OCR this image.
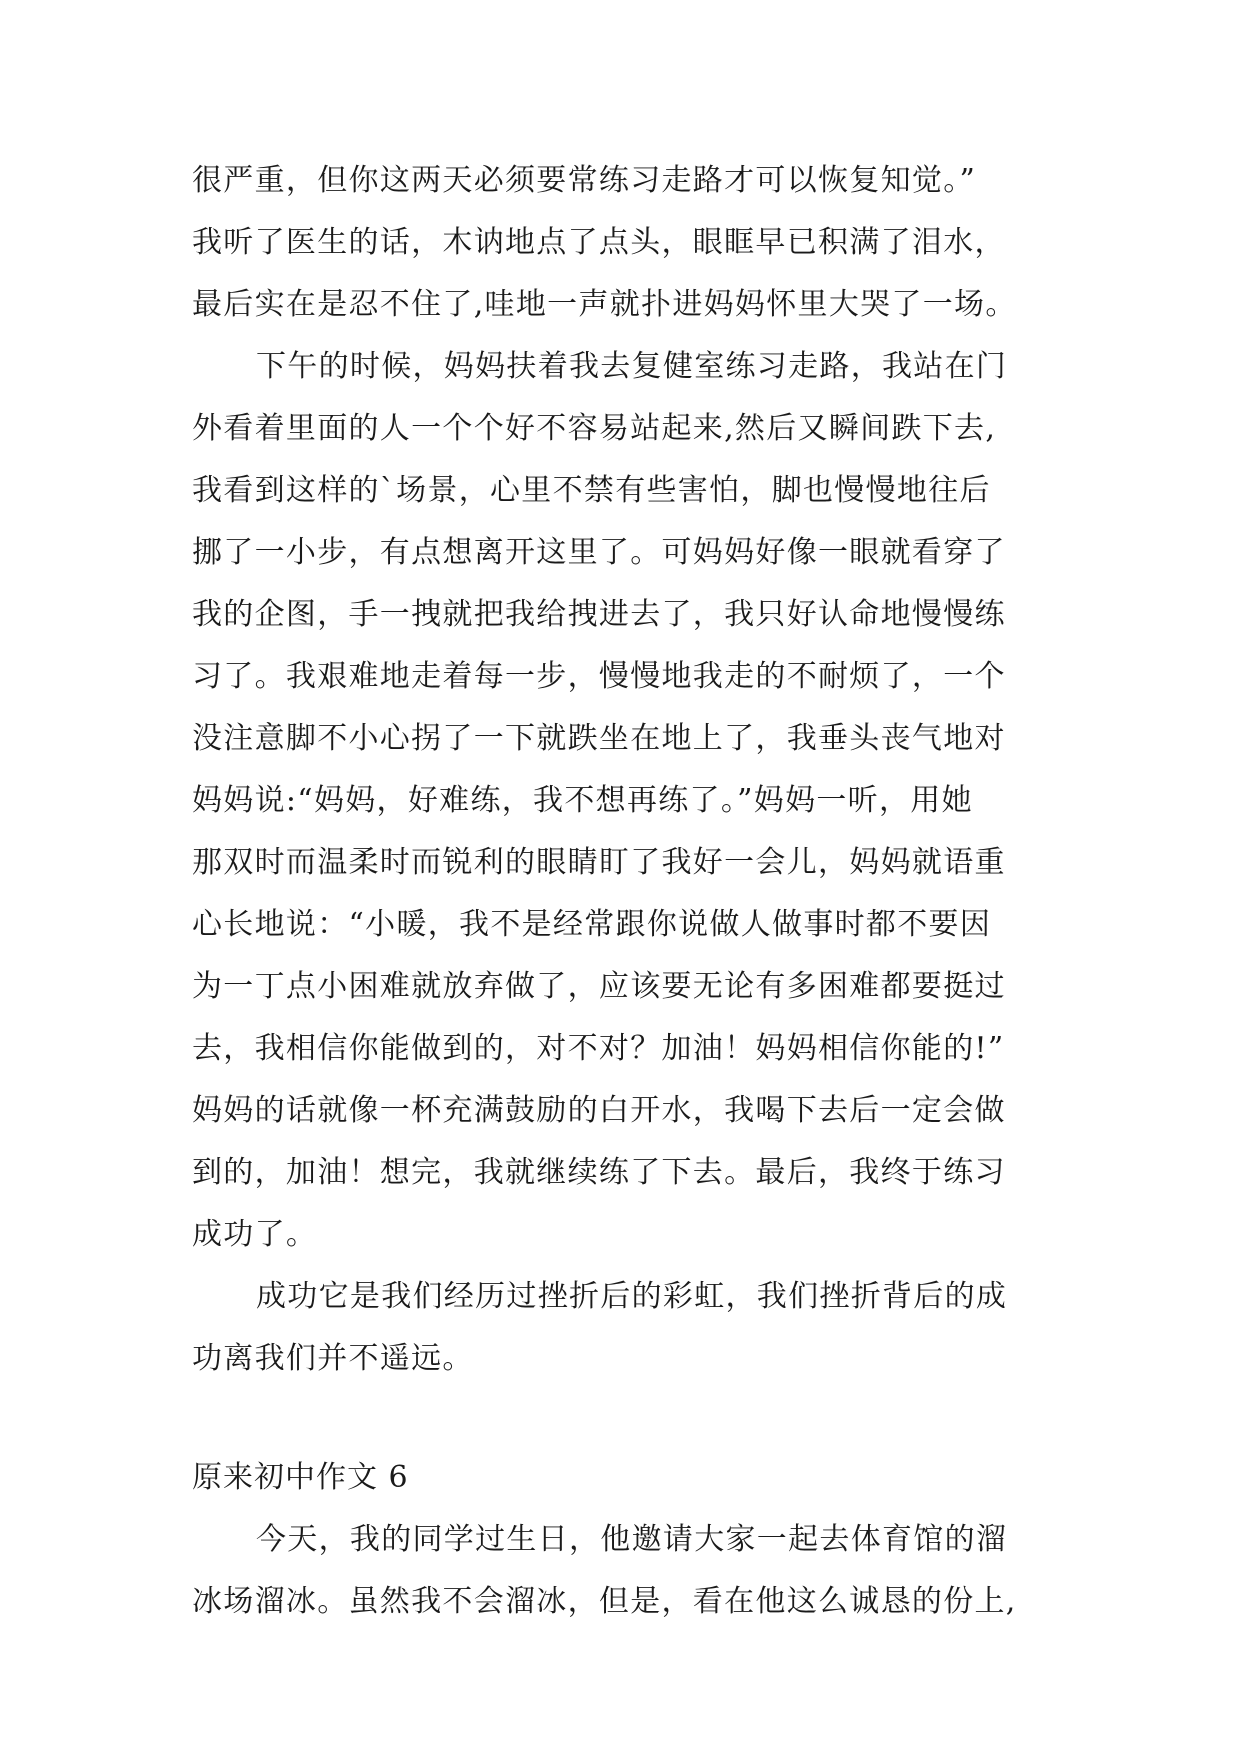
很严重，但你这两天必须要常练习走路才可以恢复知觉。”
我听了医生的话，木讷地点了点头，眼眶早已积满了泪水，
最后实在是忍不住了,哇地一声就扑进妈妈怀里大哭了一场。
下午的时候，妈妈扶着我去复健室练习走路，我站在门
外看着里面的人一个个好不容易站起来,然后又瞬间跌下去,
我看到这样的`场景，心里不禁有些害怕，脚也慢慢地往后
挪了一小步，有点想离开这里了。可妈妈好像一眼就看穿了
我的企图，手一拽就把我给拽进去了，我只好认命地慢慢练
习了。我艰难地走着每一步，慢慢地我走的不耐烦了，一个
没注意脚不小心拐了一下就跌坐在地上了，我垂头丧气地对
妈妈说:“妈妈，好难练，我不想再练了。”妈妈一听，用她
那双时而温柔时而锐利的眼睛盯了我好一会儿，妈妈就语重
心长地说：“小暖，我不是经常跟你说做人做事时都不要因
为一丁点小困难就放弃做了，应该要无论有多困难都要挺过
去，我相信你能做到的，对不对？加油！妈妈相信你能的!”
妈妈的话就像一杯充满鼓励的白开水，我喝下去后一定会做
到的，加油！想完，我就继续练了下去。最后，我终于练习
成功了。
成功它是我们经历过挫折后的彩虹，我们挫折背后的成
功离我们并不遥远。
原来初中作文 6
今天，我的同学过生日，他邀请大家一起去体育馆的溜
冰场溜冰。虽然我不会溜冰，但是，看在他这么诚恳的份上,
